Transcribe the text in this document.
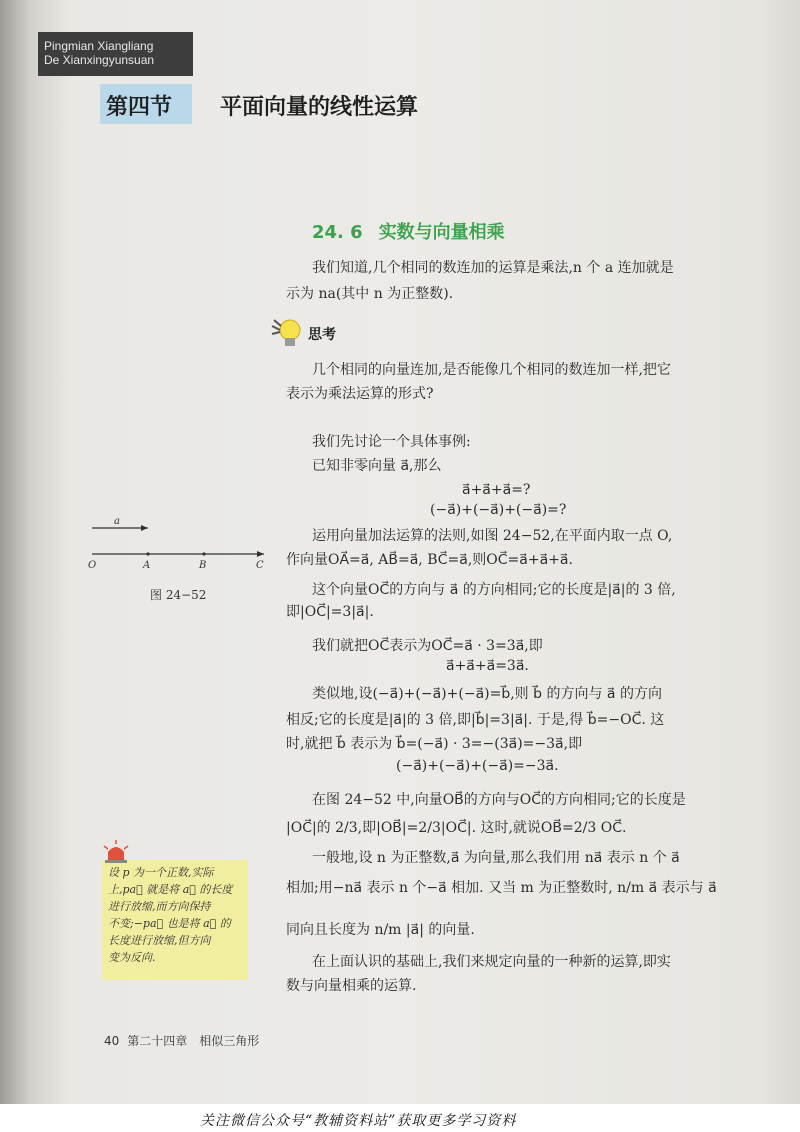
Pingmian Xiangliang
De Xianxingyunsuan
第四节	平面向量的线性运算
24. 6 实数与向量相乘
我们知道,几个相同的数连加的运算是乘法,n 个 a 连加就是
示为 na(其中 n 为正整数).
思考
几个相同的向量连加,是否能像几个相同的数连加一样,把它
表示为乘法运算的形式?
我们先讨论一个具体事例:
已知非零向量 a⃗,那么
a⃗+a⃗+a⃗=?
(−a⃗)+(−a⃗)+(−a⃗)=?
运用向量加法运算的法则,如图 24−52,在平面内取一点 O,
作向量OA⃗=a⃗, AB⃗=a⃗, BC⃗=a⃗,则OC⃗=a⃗+a⃗+a⃗.
这个向量OC⃗的方向与 a⃗ 的方向相同;它的长度是|a⃗|的 3 倍,
即|OC⃗|=3|a⃗|.
我们就把OC⃗表示为OC⃗=a⃗ · 3=3a⃗,即
a⃗+a⃗+a⃗=3a⃗.
类似地,设(−a⃗)+(−a⃗)+(−a⃗)=b⃗,则 b⃗ 的方向与 a⃗ 的方向
相反;它的长度是|a⃗|的 3 倍,即|b⃗|=3|a⃗|. 于是,得 b⃗=−OC⃗. 这
时,就把 b⃗ 表示为 b⃗=(−a⃗) · 3=−(3a⃗)=−3a⃗,即
(−a⃗)+(−a⃗)+(−a⃗)=−3a⃗.
在图 24−52 中,向量OB⃗的方向与OC⃗的方向相同;它的长度是
|OC⃗|的 2/3,即|OB⃗|=2/3|OC⃗|. 这时,就说OB⃗=2/3 OC⃗.
一般地,设 n 为正整数,a⃗ 为向量,那么我们用 na⃗ 表示 n 个 a⃗
相加;用−na⃗ 表示 n 个−a⃗ 相加. 又当 m 为正整数时, n/m a⃗ 表示与 a⃗
同向且长度为 n/m |a⃗| 的向量.
在上面认识的基础上,我们来规定向量的一种新的运算,即实
数与向量相乘的运算.
a
O	A	B	C
图 24−52
设 p 为一个正数,实际
上,pa⃗ 就是将 a⃗ 的长度
进行放缩,而方向保持
不变;−pa⃗ 也是将 a⃗ 的
长度进行放缩,但方向
变为反向.
40 第二十四章 相似三角形
关注微信公众号“教辅资料站”获取更多学习资料
